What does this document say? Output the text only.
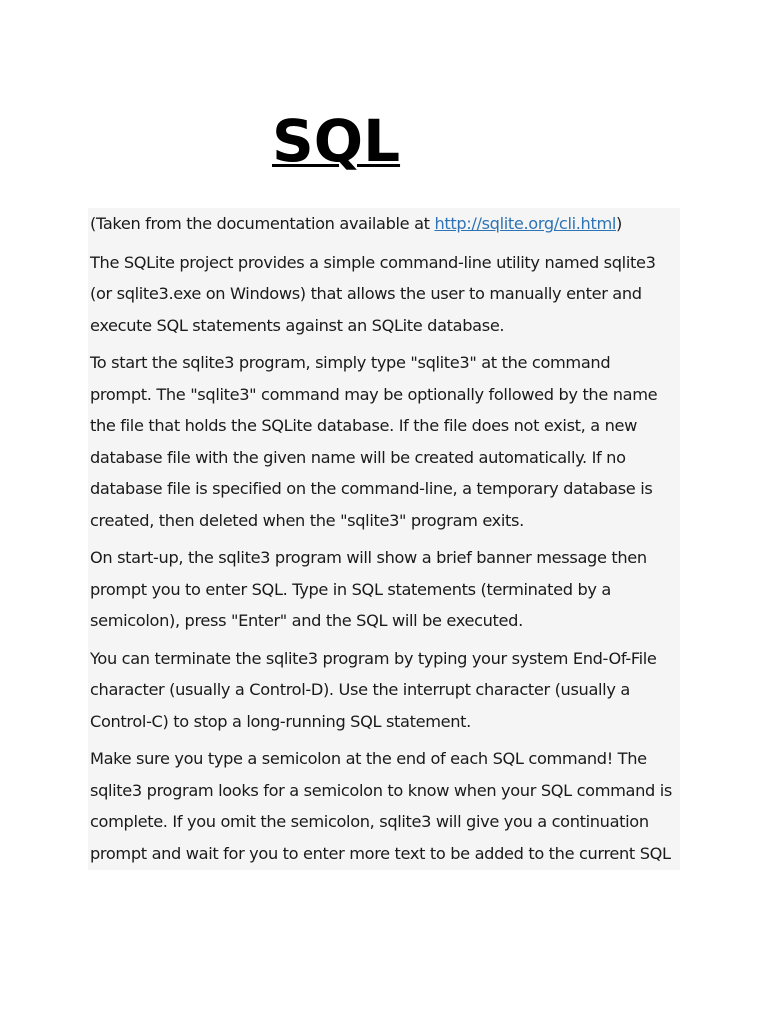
SQL

(Taken from the documentation available at http://sqlite.org/cli.html)

The SQLite project provides a simple command-line utility named sqlite3 (or sqlite3.exe on Windows) that allows the user to manually enter and execute SQL statements against an SQLite database.

To start the sqlite3 program, simply type "sqlite3" at the command prompt. The "sqlite3" command may be optionally followed by the name the file that holds the SQLite database. If the file does not exist, a new database file with the given name will be created automatically. If no database file is specified on the command-line, a temporary database is created, then deleted when the "sqlite3" program exits.

On start-up, the sqlite3 program will show a brief banner message then prompt you to enter SQL. Type in SQL statements (terminated by a semicolon), press "Enter" and the SQL will be executed.

You can terminate the sqlite3 program by typing your system End-Of-File character (usually a Control-D). Use the interrupt character (usually a Control-C) to stop a long-running SQL statement.

Make sure you type a semicolon at the end of each SQL command! The sqlite3 program looks for a semicolon to know when your SQL command is complete. If you omit the semicolon, sqlite3 will give you a continuation prompt and wait for you to enter more text to be added to the current SQL
